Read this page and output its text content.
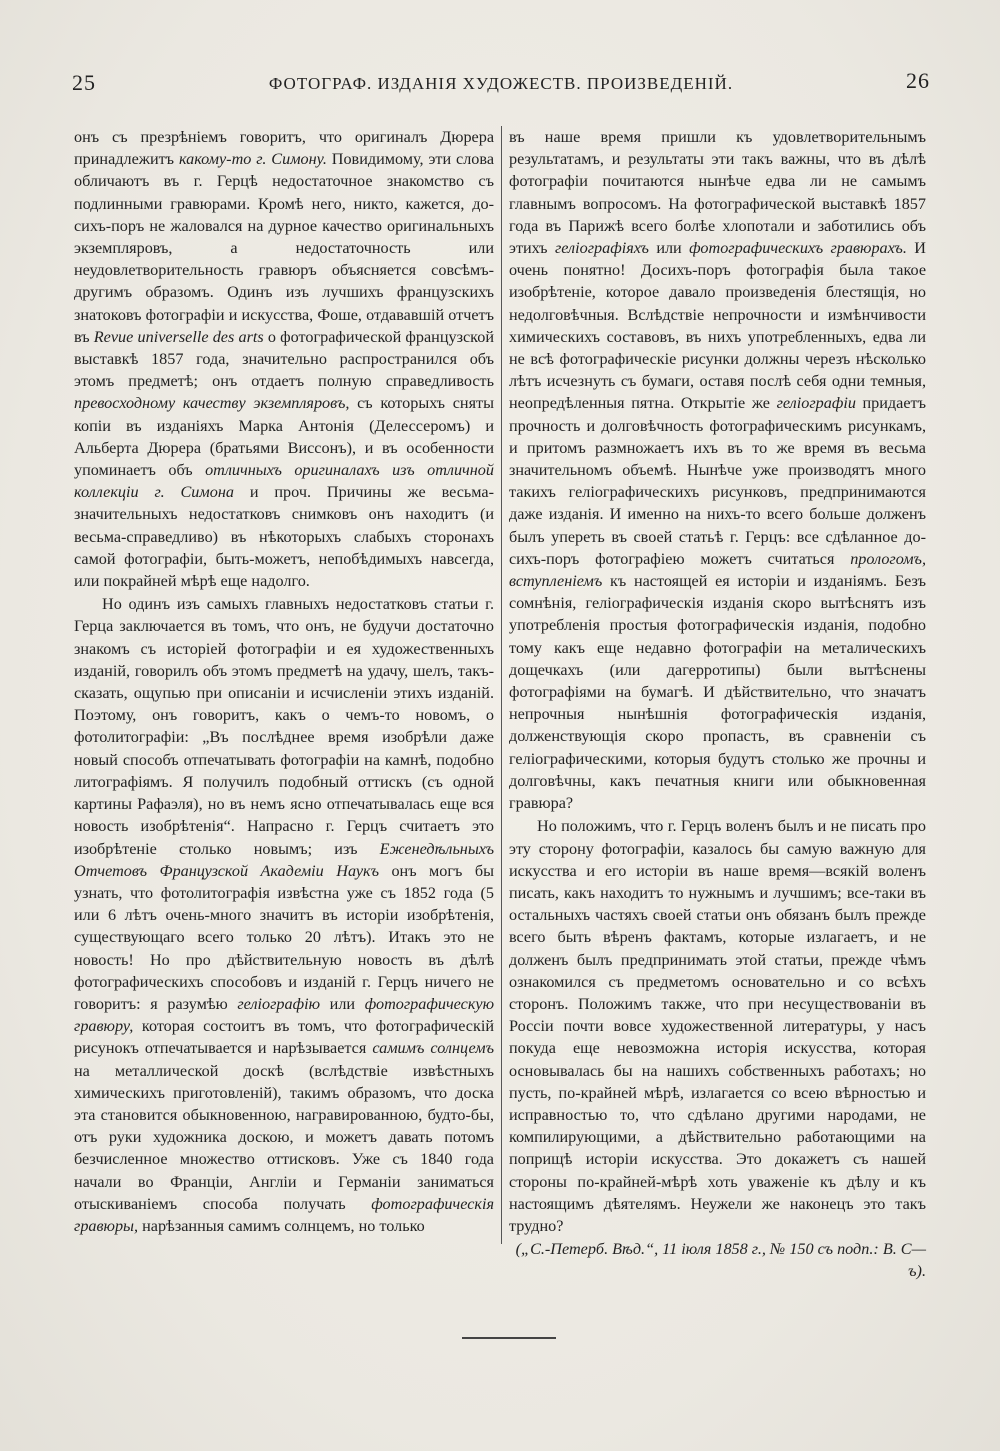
25	ФОТОГРАФ. ИЗДАНІЯ ХУДОЖЕСТВ. ПРОИЗВЕДЕНІЙ.	26

онъ съ презрѣніемъ говоритъ, что оригиналъ Дюрера принадлежитъ какому-то г. Симону. Повидимому, эти слова обличаютъ въ г. Герцѣ недостаточное знакомство съ подлинными гравюрами. Кромѣ него, никто, кажется, до-сихъ-поръ не жаловался на дурное качество оригинальныхъ экземпляровъ, а недостаточность или неудовлетворительность гравюръ объясняется совсѣмъ-другимъ образомъ. Одинъ изъ лучшихъ французскихъ знатоковъ фотографіи и искусства, Фоше, отдававшій отчетъ въ Revue universelle des arts о фотографической французской выставкѣ 1857 года, значительно распространился объ этомъ предметѣ; онъ отдаетъ полную справедливость превосходному качеству экземпляровъ, съ которыхъ сняты копіи въ изданіяхъ Марка Антонія (Делессеромъ) и Альберта Дюрера (братьями Виссонъ), и въ особенности упоминаетъ объ отличныхъ оригиналахъ изъ отличной коллекціи г. Симона и проч. Причины же весьма-значительныхъ недостатковъ снимковъ онъ находитъ (и весьма-справедливо) въ нѣкоторыхъ слабыхъ сторонахъ самой фотографіи, быть-можетъ, непобѣдимыхъ навсегда, или покрайней мѣрѣ еще надолго.

Но одинъ изъ самыхъ главныхъ недостатковъ статьи г. Герца заключается въ томъ, что онъ, не будучи достаточно знакомъ съ исторіей фотографіи и ея художественныхъ изданій, говорилъ объ этомъ предметѣ на удачу, шелъ, такъ-сказать, ощупью при описаніи и исчисленіи этихъ изданій. Поэтому, онъ говоритъ, какъ о чемъ-то новомъ, о фотолитографіи: „Въ послѣднее время изобрѣли даже новый способъ отпечатывать фотографіи на камнѣ, подобно литографіямъ. Я получилъ подобный оттискъ (съ одной картины Рафаэля), но въ немъ ясно отпечатывалась еще вся новость изобрѣтенія“. Напрасно г. Герцъ считаетъ это изобрѣтеніе столько новымъ; изъ Еженедѣльныхъ Отчетовъ Французской Академіи Наукъ онъ могъ бы узнать, что фотолитографія извѣстна уже съ 1852 года (5 или 6 лѣтъ очень-много значитъ въ исторіи изобрѣтенія, существующаго всего только 20 лѣтъ). Итакъ это не новость! Но про дѣйствительную новость въ дѣлѣ фотографическихъ способовъ и изданій г. Герцъ ничего не говоритъ: я разумѣю геліографію или фотографическую гравюру, которая состоитъ въ томъ, что фотографическій рисунокъ отпечатывается и нарѣзывается самимъ солнцемъ на металлической доскѣ (вслѣдствіе извѣстныхъ химическихъ приготовленій), такимъ образомъ, что доска эта становится обыкновенною, награвированною, будто-бы, отъ руки художника доскою, и можетъ давать потомъ безчисленное множество оттисковъ. Уже съ 1840 года начали во Франціи, Англіи и Германіи заниматься отыскиваніемъ способа получать фотографическія гравюры, нарѣзанныя самимъ солнцемъ, но только

въ наше время пришли къ удовлетворительнымъ результатамъ, и результаты эти такъ важны, что въ дѣлѣ фотографіи почитаются нынѣче едва ли не самымъ главнымъ вопросомъ. На фотографической выставкѣ 1857 года въ Парижѣ всего болѣе хлопотали и заботились объ этихъ геліографіяхъ или фотографическихъ гравюрахъ. И очень понятно! Досихъ-поръ фотографія была такое изобрѣтеніе, которое давало произведенія блестящія, но недолговѣчныя. Вслѣдствіе непрочности и измѣнчивости химическихъ составовъ, въ нихъ употребленныхъ, едва ли не всѣ фотографическіе рисунки должны черезъ нѣсколько лѣтъ исчезнуть съ бумаги, оставя послѣ себя одни темныя, неопредѣленныя пятна. Открытіе же геліографіи придаетъ прочность и долговѣчность фотографическимъ рисункамъ, и притомъ размножаетъ ихъ въ то же время въ весьма значительномъ объемѣ. Нынѣче уже производятъ много такихъ геліографическихъ рисунковъ, предпринимаются даже изданія. И именно на нихъ-то всего больше долженъ былъ упереть въ своей статьѣ г. Герцъ: все сдѣланное до-сихъ-поръ фотографіею можетъ считаться прологомъ, вступленіемъ къ настоящей ея исторіи и изданіямъ. Безъ сомнѣнія, геліографическія изданія скоро вытѣснятъ изъ употребленія простыя фотографическія изданія, подобно тому какъ еще недавно фотографіи на металическихъ дощечкахъ (или дагерротипы) были вытѣснены фотографіями на бумагѣ. И дѣйствительно, что значатъ непрочныя нынѣшнія фотографическія изданія, долженствующія скоро пропасть, въ сравненіи съ геліографическими, которыя будутъ столько же прочны и долговѣчны, какъ печатныя книги или обыкновенная гравюра?

Но положимъ, что г. Герцъ воленъ былъ и не писать про эту сторону фотографіи, казалось бы самую важную для искусства и его исторіи въ наше время—всякій воленъ писать, какъ находитъ то нужнымъ и лучшимъ; все-таки въ остальныхъ частяхъ своей статьи онъ обязанъ былъ прежде всего быть вѣренъ фактамъ, которые излагаетъ, и не долженъ былъ предпринимать этой статьи, прежде чѣмъ ознакомился съ предметомъ основательно и со всѣхъ сторонъ. Положимъ также, что при несуществованіи въ Россіи почти вовсе художественной литературы, у насъ покуда еще невозможна исторія искусства, которая основывалась бы на нашихъ собственныхъ работахъ; но пусть, по-крайней мѣрѣ, излагается со всею вѣрностью и исправностью то, что сдѣлано другими народами, не компилирующими, а дѣйствительно работающими на поприщѣ исторіи искусства. Это докажетъ съ нашей стороны по-крайней-мѣрѣ хоть уваженіе къ дѣлу и къ настоящимъ дѣятелямъ. Неужели же наконецъ это такъ трудно?

(„С.-Петерб. Вѣд.“, 11 іюля 1858 г., № 150 съ подп.: В. С—ъ).
